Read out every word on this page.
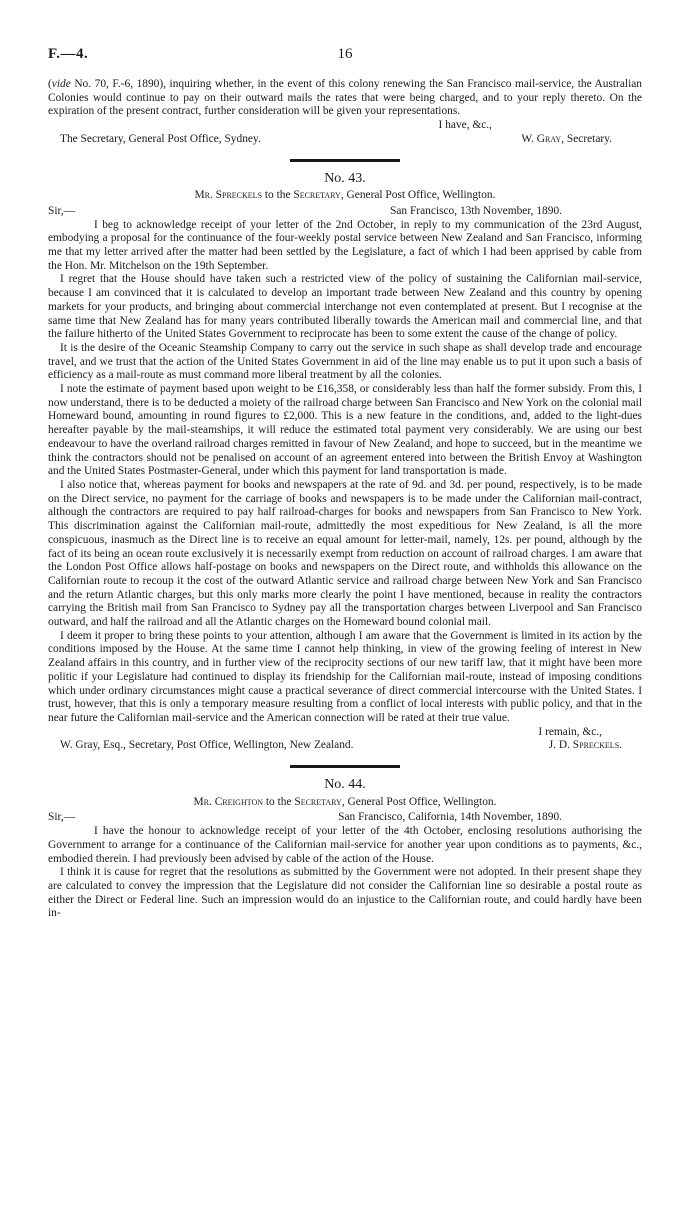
F.—4.	16

(vide No. 70, F.-6, 1890), inquiring whether, in the event of this colony renewing the San Francisco mail-service, the Australian Colonies would continue to pay on their outward mails the rates that were being charged, and to your reply thereto. On the expiration of the present contract, further consideration will be given your representations.

I have, &c.,
The Secretary, General Post Office, Sydney.	W. Gray, Secretary.
No. 43.
Mr. Spreckels to the Secretary, General Post Office, Wellington.
Sir,—	San Francisco, 13th November, 1890.

I beg to acknowledge receipt of your letter of the 2nd October, in reply to my communication of the 23rd August, embodying a proposal for the continuance of the four-weekly postal service between New Zealand and San Francisco, informing me that my letter arrived after the matter had been settled by the Legislature, a fact of which I had been apprised by cable from the Hon. Mr. Mitchelson on the 19th September.

I regret that the House should have taken such a restricted view of the policy of sustaining the Californian mail-service, because I am convinced that it is calculated to develop an important trade between New Zealand and this country by opening markets for your products, and bringing about commercial interchange not even contemplated at present. But I recognise at the same time that New Zealand has for many years contributed liberally towards the American mail and commercial line, and that the failure hitherto of the United States Government to reciprocate has been to some extent the cause of the change of policy.

It is the desire of the Oceanic Steamship Company to carry out the service in such shape as shall develop trade and encourage travel, and we trust that the action of the United States Government in aid of the line may enable us to put it upon such a basis of efficiency as a mail-route as must command more liberal treatment by all the colonies.

I note the estimate of payment based upon weight to be £16,358, or considerably less than half the former subsidy. From this, I now understand, there is to be deducted a moiety of the railroad charge between San Francisco and New York on the colonial mail Homeward bound, amounting in round figures to £2,000. This is a new feature in the conditions, and, added to the light-dues hereafter payable by the mail-steamships, it will reduce the estimated total payment very considerably. We are using our best endeavour to have the overland railroad charges remitted in favour of New Zealand, and hope to succeed, but in the meantime we think the contractors should not be penalised on account of an agreement entered into between the British Envoy at Washington and the United States Postmaster-General, under which this payment for land transportation is made.

I also notice that, whereas payment for books and newspapers at the rate of 9d. and 3d. per pound, respectively, is to be made on the Direct service, no payment for the carriage of books and newspapers is to be made under the Californian mail-contract, although the contractors are required to pay half railroad-charges for books and newspapers from San Francisco to New York. This discrimination against the Californian mail-route, admittedly the most expeditious for New Zealand, is all the more conspicuous, inasmuch as the Direct line is to receive an equal amount for letter-mail, namely, 12s. per pound, although by the fact of its being an ocean route exclusively it is necessarily exempt from reduction on account of railroad charges. I am aware that the London Post Office allows half-postage on books and newspapers on the Direct route, and withholds this allowance on the Californian route to recoup it the cost of the outward Atlantic service and railroad charge between New York and San Francisco and the return Atlantic charges, but this only marks more clearly the point I have mentioned, because in reality the contractors carrying the British mail from San Francisco to Sydney pay all the transportation charges between Liverpool and San Francisco outward, and half the railroad and all the Atlantic charges on the Homeward bound colonial mail.

I deem it proper to bring these points to your attention, although I am aware that the Government is limited in its action by the conditions imposed by the House. At the same time I cannot help thinking, in view of the growing feeling of interest in New Zealand affairs in this country, and in further view of the reciprocity sections of our new tariff law, that it might have been more politic if your Legislature had continued to display its friendship for the Californian mail-route, instead of imposing conditions which under ordinary circumstances might cause a practical severance of direct commercial intercourse with the United States. I trust, however, that this is only a temporary measure resulting from a conflict of local interests with public policy, and that in the near future the Californian mail-service and the American connection will be rated at their true value.

I remain, &c.,
W. Gray, Esq., Secretary, Post Office, Wellington, New Zealand.	J. D. Spreckels.
No. 44.
Mr. Creighton to the Secretary, General Post Office, Wellington.
Sir,—	San Francisco, California, 14th November, 1890.

I have the honour to acknowledge receipt of your letter of the 4th October, enclosing resolutions authorising the Government to arrange for a continuance of the Californian mail-service for another year upon conditions as to payments, &c., embodied therein. I had previously been advised by cable of the action of the House.

I think it is cause for regret that the resolutions as submitted by the Government were not adopted. In their present shape they are calculated to convey the impression that the Legislature did not consider the Californian line so desirable a postal route as either the Direct or Federal line. Such an impression would do an injustice to the Californian route, and could hardly have been in-
